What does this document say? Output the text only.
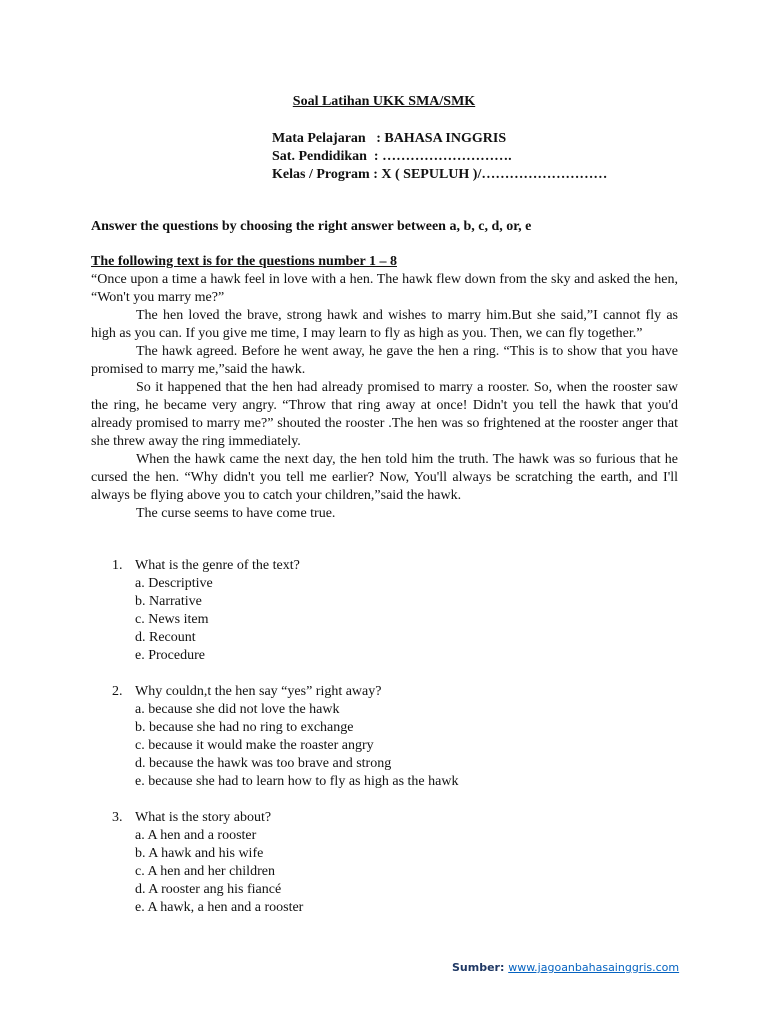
Soal Latihan UKK SMA/SMK
Mata Pelajaran   : BAHASA INGGRIS
Sat. Pendidikan  : ……………………….
Kelas / Program : X ( SEPULUH )/………………………
Answer the questions by choosing the right answer between a, b, c, d, or, e
The following text is for the questions number 1 – 8

“Once upon a time a hawk feel in love with a hen. The hawk flew down from the sky and asked the hen, “Won't you marry me?”

The hen loved the brave, strong hawk and wishes to marry him.But she said,”I cannot fly as high as you can. If you give me time, I may learn to fly as high as you. Then, we can fly together.”

The hawk agreed. Before he went away, he gave the hen a ring. “This is to show that you have promised to marry me,”said the hawk.

So it happened that the hen had already promised to marry a rooster. So, when the rooster saw the ring, he became very angry. “Throw that ring away at once! Didn't you tell the hawk that you'd already promised to marry me?” shouted the rooster .The hen was so frightened at the rooster anger that she threw away the ring immediately.

When the hawk came the next day, the hen told him the truth. The hawk was so furious that he cursed the hen. “Why didn't you tell me earlier? Now, You'll always be scratching the earth, and I'll always be flying above you to catch your children,”said the hawk.

The curse seems to have come true.

1. What is the genre of the text?
a. Descriptive
b. Narrative
c. News item
d. Recount
e. Procedure
2. Why couldn,t the hen say “yes” right away?
a. because she did not love the hawk
b. because she had no ring to exchange
c. because it would make the roaster angry
d. because the hawk was too brave and strong
e. because she had to learn how to fly as high as the hawk
3. What is the story about?
a. A hen and a rooster
b. A hawk and his wife
c. A hen and her children
d. A rooster ang his fiancé
e. A hawk, a hen and a rooster
Sumber: www.jagoanbahasainggris.com
